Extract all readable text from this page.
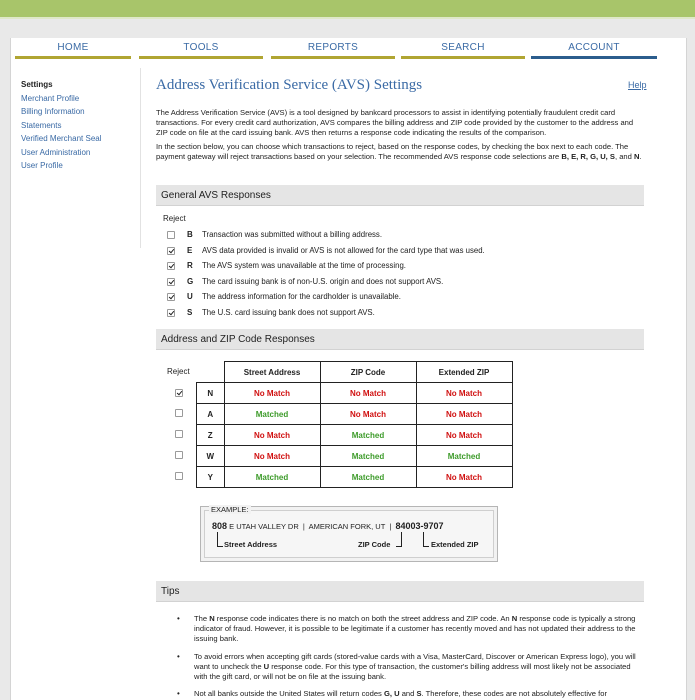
HOME	TOOLS	REPORTS	SEARCH	ACCOUNT
Settings
Merchant Profile
Billing Information
Statements
Verified Merchant Seal
User Administration
User Profile
Address Verification Service (AVS) Settings	Help
The Address Verification Service (AVS) is a tool designed by bankcard processors to assist in identifying potentially fraudulent credit card transactions. For every credit card authorization, AVS compares the billing address and ZIP code provided by the customer to the address and ZIP code on file at the card issuing bank. AVS then returns a response code indicating the results of the comparison.
In the section below, you can choose which transactions to reject, based on the response codes, by checking the box next to each code. The payment gateway will reject transactions based on your selection. The recommended AVS response code selections are B, E, R, G, U, S, and N.
General AVS Responses
Reject
B Transaction was submitted without a billing address.
E AVS data provided is invalid or AVS is not allowed for the card type that was used.
R The AVS system was unavailable at the time of processing.
G The card issuing bank is of non-U.S. origin and does not support AVS.
U The address information for the cardholder is unavailable.
S The U.S. card issuing bank does not support AVS.
Address and ZIP Code Responses
Reject
		Street Address	ZIP Code	Extended ZIP
N	No Match	No Match	No Match
A	Matched	No Match	No Match
Z	No Match	Matched	No Match
W	No Match	Matched	Matched
Y	Matched	Matched	No Match
EXAMPLE:
808 E UTAH VALLEY DR | AMERICAN FORK, UT | 84003-9707
Street Address	ZIP Code	Extended ZIP
Tips
• The N response code indicates there is no match on both the street address and ZIP code. An N response code is typically a strong indicator of fraud. However, it is possible to be legitimate if a customer has recently moved and has not updated their address to the issuing bank.
• To avoid errors when accepting gift cards (stored-value cards with a Visa, MasterCard, Discover or American Express logo), you will want to uncheck the U response code. For this type of transaction, the customer's billing address will most likely not be associated with the gift card, or will not be on file at the issuing bank.
• Not all banks outside the United States will return codes G, U and S. Therefore, these codes are not absolutely effective for
